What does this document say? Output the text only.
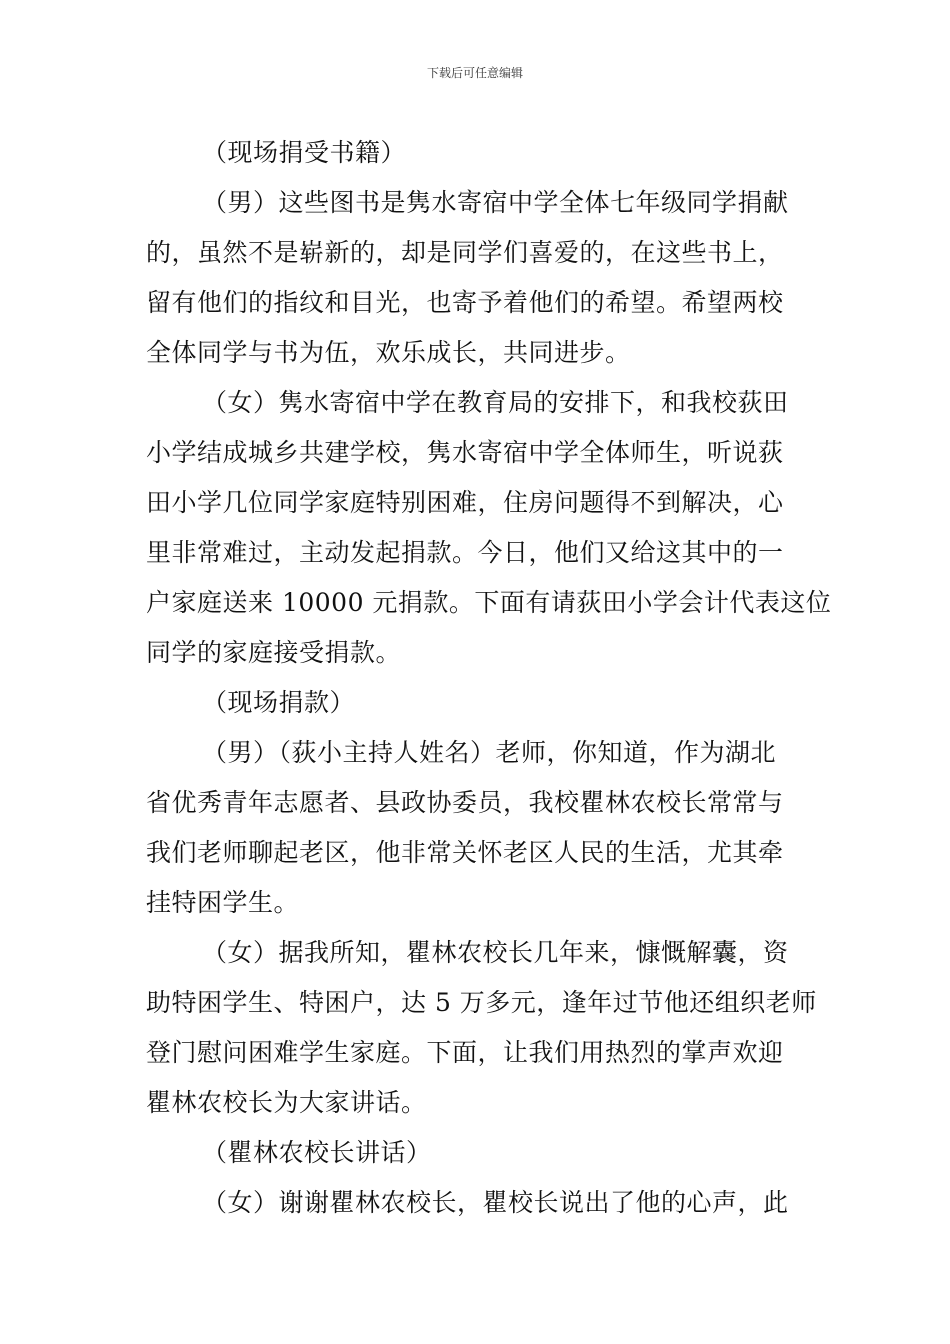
下载后可任意编辑
（现场捐受书籍）
（男）这些图书是隽水寄宿中学全体七年级同学捐献
的，虽然不是崭新的，却是同学们喜爱的，在这些书上，
留有他们的指纹和目光，也寄予着他们的希望。希望两校
全体同学与书为伍，欢乐成长，共同进步。
（女）隽水寄宿中学在教育局的安排下，和我校荻田
小学结成城乡共建学校，隽水寄宿中学全体师生，听说荻
田小学几位同学家庭特别困难，住房问题得不到解决，心
里非常难过，主动发起捐款。今日，他们又给这其中的一
户家庭送来 10000 元捐款。下面有请荻田小学会计代表这位
同学的家庭接受捐款。
（现场捐款）
（男）（荻小主持人姓名）老师，你知道，作为湖北
省优秀青年志愿者、县政协委员，我校瞿林农校长常常与
我们老师聊起老区，他非常关怀老区人民的生活，尤其牵
挂特困学生。
（女）据我所知，瞿林农校长几年来，慷慨解囊，资
助特困学生、特困户，达 5 万多元，逢年过节他还组织老师
登门慰问困难学生家庭。下面，让我们用热烈的掌声欢迎
瞿林农校长为大家讲话。
（瞿林农校长讲话）
（女）谢谢瞿林农校长，瞿校长说出了他的心声，此
